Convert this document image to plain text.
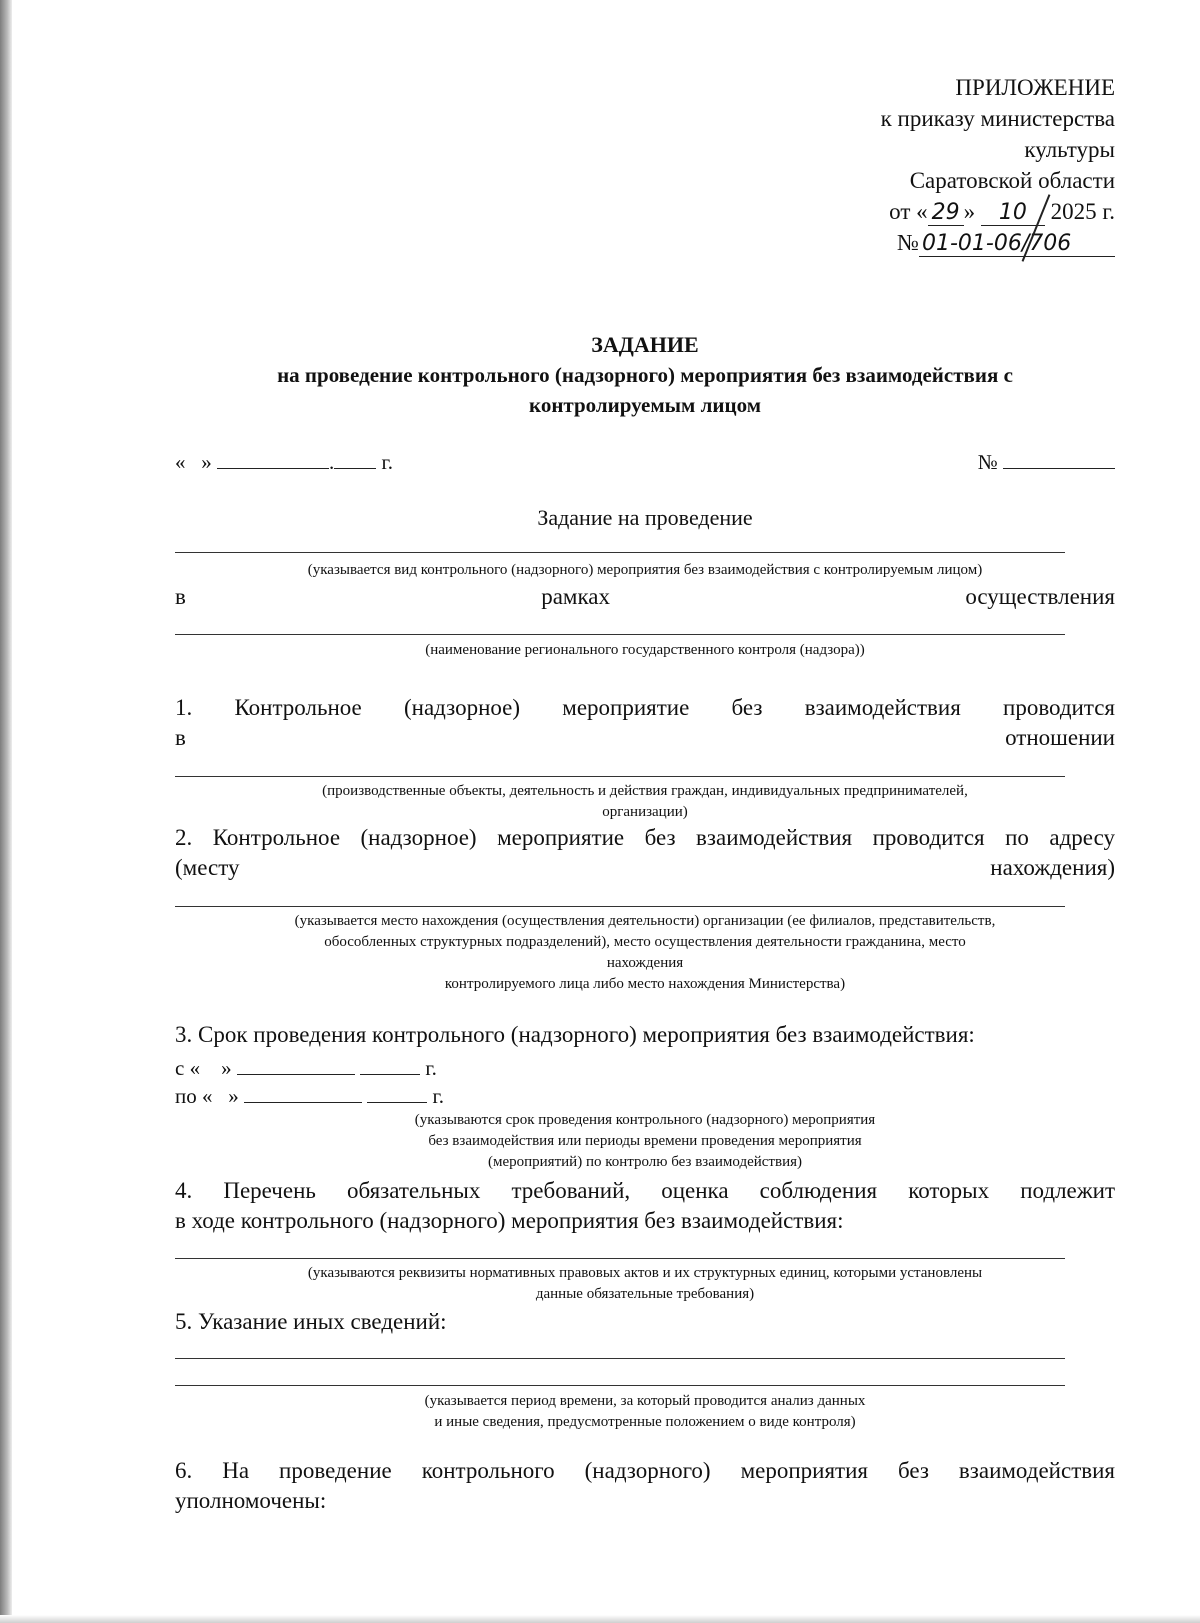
ПРИЛОЖЕНИЕ
к приказу министерства
культуры
Саратовской области
от « 29 » 10 2025 г.
№ 01-01-06/706
ЗАДАНИЕ
на проведение контрольного (надзорного) мероприятия без взаимодействия с
контролируемым лицом
« »	. г.	№
Задание на проведение
(указывается вид контрольного (надзорного) мероприятия без взаимодействия с контролируемым лицом)
в	рамках	осуществления
(наименование регионального государственного контроля (надзора))
1. Контрольное (надзорное) мероприятие без взаимодействия проводится
в	отношении
(производственные объекты, деятельность и действия граждан, индивидуальных предпринимателей,
организации)
2. Контрольное (надзорное) мероприятие без взаимодействия проводится по адресу
(месту	нахождения)
(указывается место нахождения (осуществления деятельности) организации (ее филиалов, представительств,
обособленных структурных подразделений), место осуществления деятельности гражданина, место
нахождения
контролируемого лица либо место нахождения Министерства)
3. Срок проведения контрольного (надзорного) мероприятия без взаимодействия:
с « »	г.
по « »	г.
(указываются срок проведения контрольного (надзорного) мероприятия
без взаимодействия или периоды времени проведения мероприятия
(мероприятий) по контролю без взаимодействия)
4. Перечень обязательных требований, оценка соблюдения которых подлежит
в ходе контрольного (надзорного) мероприятия без взаимодействия:
(указываются реквизиты нормативных правовых актов и их структурных единиц, которыми установлены
данные обязательные требования)
5. Указание иных сведений:
(указывается период времени, за который проводится анализ данных
и иные сведения, предусмотренные положением о виде контроля)
6. На проведение контрольного (надзорного) мероприятия без взаимодействия
уполномочены:
